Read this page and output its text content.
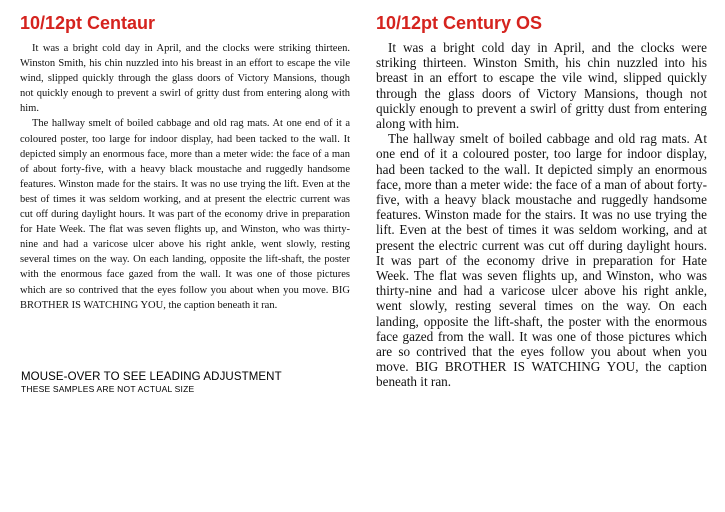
10/12pt Centaur

It was a bright cold day in April, and the clocks were striking thirteen. Winston Smith, his chin nuzzled into his breast in an effort to escape the vile wind, slipped quickly through the glass doors of Victory Mansions, though not quickly enough to prevent a swirl of gritty dust from entering along with him.

The hallway smelt of boiled cabbage and old rag mats. At one end of it a coloured poster, too large for indoor display, had been tacked to the wall. It depicted simply an enormous face, more than a meter wide: the face of a man of about forty-five, with a heavy black moustache and ruggedly handsome features. Winston made for the stairs. It was no use trying the lift. Even at the best of times it was seldom working, and at present the electric current was cut off during daylight hours. It was part of the economy drive in preparation for Hate Week. The flat was seven flights up, and Winston, who was thirty-nine and had a varicose ulcer above his right ankle, went slowly, resting several times on the way. On each landing, opposite the lift-shaft, the poster with the enormous face gazed from the wall. It was one of those pictures which are so contrived that the eyes follow you about when you move. BIG BROTHER IS WATCHING YOU, the caption beneath it ran.

MOUSE-OVER TO SEE LEADING ADJUSTMENT
THESE SAMPLES ARE NOT ACTUAL SIZE
10/12pt Century OS

It was a bright cold day in April, and the clocks were striking thirteen. Winston Smith, his chin nuzzled into his breast in an effort to escape the vile wind, slipped quickly through the glass doors of Victory Mansions, though not quickly enough to prevent a swirl of gritty dust from entering along with him.

The hallway smelt of boiled cabbage and old rag mats. At one end of it a coloured poster, too large for indoor display, had been tacked to the wall. It depicted simply an enormous face, more than a meter wide: the face of a man of about forty-five, with a heavy black moustache and ruggedly handsome features. Winston made for the stairs. It was no use trying the lift. Even at the best of times it was seldom working, and at present the electric current was cut off during daylight hours. It was part of the economy drive in preparation for Hate Week. The flat was seven flights up, and Winston, who was thirty-nine and had a varicose ulcer above his right ankle, went slowly, resting several times on the way. On each landing, opposite the lift-shaft, the poster with the enormous face gazed from the wall. It was one of those pictures which are so contrived that the eyes follow you about when you move. BIG BROTHER IS WATCHING YOU, the caption beneath it ran.
